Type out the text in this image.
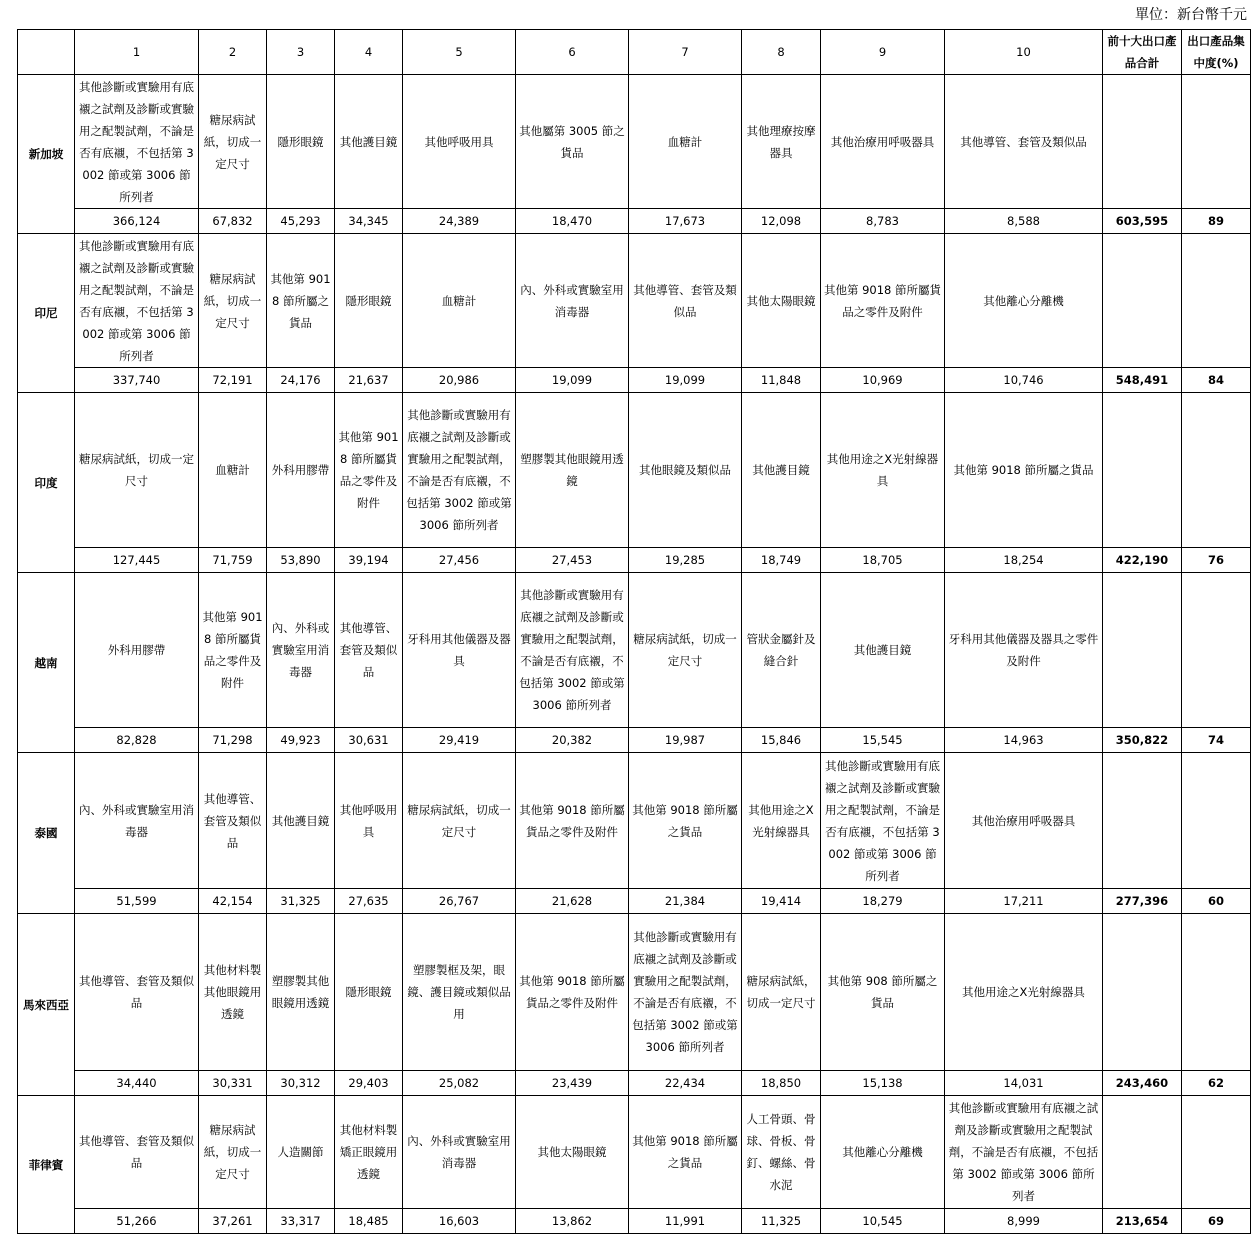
單位：新台幣千元
	1	2	3	4	5	6	7	8	9	10	前十大出口產品合計	出口產品集中度(%)
新加坡	其他診斷或實驗用有底襯之試劑及診斷或實驗用之配製試劑，不論是否有底襯，不包括第 3002 節或第 3006 節所列者	糖尿病試紙，切成一定尺寸	隱形眼鏡	其他護目鏡	其他呼吸用具	其他屬第 3005 節之貨品	血糖計	其他理療按摩器具	其他治療用呼吸器具	其他導管、套管及類似品		
	366,124	67,832	45,293	34,345	24,389	18,470	17,673	12,098	8,783	8,588	603,595	89
印尼	其他診斷或實驗用有底襯之試劑及診斷或實驗用之配製試劑，不論是否有底襯，不包括第 3002 節或第 3006 節所列者	糖尿病試紙，切成一定尺寸	其他第 9018 節所屬之貨品	隱形眼鏡	血糖計	內、外科或實驗室用消毒器	其他導管、套管及類似品	其他太陽眼鏡	其他第 9018 節所屬貨品之零件及附件	其他離心分離機		
	337,740	72,191	24,176	21,637	20,986	19,099	19,099	11,848	10,969	10,746	548,491	84
印度	糖尿病試紙，切成一定尺寸	血糖計	外科用膠帶	其他第 9018 節所屬貨品之零件及附件	其他診斷或實驗用有底襯之試劑及診斷或實驗用之配製試劑，不論是否有底襯，不包括第 3002 節或第 3006 節所列者	塑膠製其他眼鏡用透鏡	其他眼鏡及類似品	其他護目鏡	其他用途之X光射線器具	其他第 9018 節所屬之貨品		
	127,445	71,759	53,890	39,194	27,456	27,453	19,285	18,749	18,705	18,254	422,190	76
越南	外科用膠帶	其他第 9018 節所屬貨品之零件及附件	內、外科或實驗室用消毒器	其他導管、套管及類似品	牙科用其他儀器及器具	其他診斷或實驗用有底襯之試劑及診斷或實驗用之配製試劑，不論是否有底襯，不包括第 3002 節或第 3006 節所列者	糖尿病試紙，切成一定尺寸	管狀金屬針及縫合針	其他護目鏡	牙科用其他儀器及器具之零件及附件		
	82,828	71,298	49,923	30,631	29,419	20,382	19,987	15,846	15,545	14,963	350,822	74
泰國	內、外科或實驗室用消毒器	其他導管、套管及類似品	其他護目鏡	其他呼吸用具	糖尿病試紙，切成一定尺寸	其他第 9018 節所屬貨品之零件及附件	其他第 9018 節所屬之貨品	其他用途之X光射線器具	其他診斷或實驗用有底襯之試劑及診斷或實驗用之配製試劑，不論是否有底襯，不包括第 3002 節或第 3006 節所列者	其他治療用呼吸器具		
	51,599	42,154	31,325	27,635	26,767	21,628	21,384	19,414	18,279	17,211	277,396	60
馬來西亞	其他導管、套管及類似品	其他材料製其他眼鏡用透鏡	塑膠製其他眼鏡用透鏡	隱形眼鏡	塑膠製框及架，眼鏡、護目鏡或類似品用	其他第 9018 節所屬貨品之零件及附件	其他診斷或實驗用有底襯之試劑及診斷或實驗用之配製試劑，不論是否有底襯，不包括第 3002 節或第 3006 節所列者	糖尿病試紙，切成一定尺寸	其他第 908 節所屬之貨品	其他用途之X光射線器具		
	34,440	30,331	30,312	29,403	25,082	23,439	22,434	18,850	15,138	14,031	243,460	62
菲律賓	其他導管、套管及類似品	糖尿病試紙，切成一定尺寸	人造關節	其他材料製矯正眼鏡用透鏡	內、外科或實驗室用消毒器	其他太陽眼鏡	其他第 9018 節所屬之貨品	人工骨頭、骨球、骨板、骨釘、螺絲、骨水泥	其他離心分離機	其他診斷或實驗用有底襯之試劑及診斷或實驗用之配製試劑，不論是否有底襯，不包括第 3002 節或第 3006 節所列者		
	51,266	37,261	33,317	18,485	16,603	13,862	11,991	11,325	10,545	8,999	213,654	69
